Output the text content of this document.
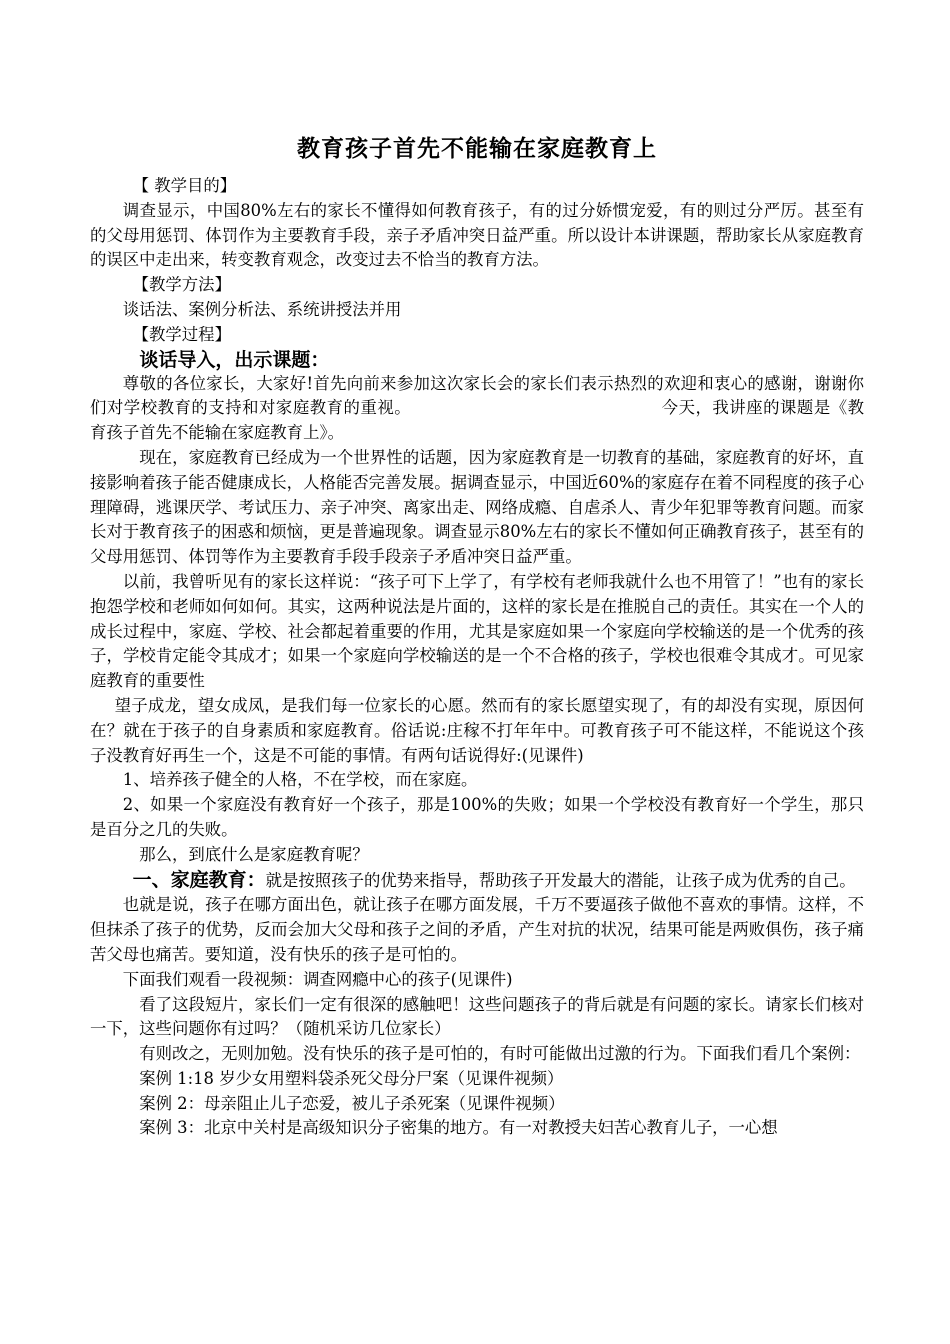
教育孩子首先不能输在家庭教育上

【 教学目的】

调查显示，中国80%左右的家长不懂得如何教育孩子，有的过分娇惯宠爱，有的则过分严厉。甚至有的父母用惩罚、体罚作为主要教育手段，亲子矛盾冲突日益严重。所以设计本讲课题，帮助家长从家庭教育的误区中走出来，转变教育观念，改变过去不恰当的教育方法。

【教学方法】

谈话法、案例分析法、系统讲授法并用

【教学过程】

谈话导入，出示课题：

尊敬的各位家长，大家好!首先向前来参加这次家长会的家长们表示热烈的欢迎和衷心的感谢，谢谢你们对学校教育的支持和对家庭教育的重视。	今天，我讲座的课题是《教育孩子首先不能输在家庭教育上》。

现在，家庭教育已经成为一个世界性的话题，因为家庭教育是一切教育的基础，家庭教育的好坏，直接影响着孩子能否健康成长，人格能否完善发展。据调查显示，中国近60%的家庭存在着不同程度的孩子心理障碍，逃课厌学、考试压力、亲子冲突、离家出走、网络成瘾、自虐杀人、青少年犯罪等教育问题。而家长对于教育孩子的困惑和烦恼，更是普遍现象。调查显示80%左右的家长不懂如何正确教育孩子，甚至有的父母用惩罚、体罚等作为主要教育手段手段亲子矛盾冲突日益严重。

以前，我曾听见有的家长这样说：“孩子可下上学了，有学校有老师我就什么也不用管了！”也有的家长抱怨学校和老师如何如何。其实，这两种说法是片面的，这样的家长是在推脱自己的责任。其实在一个人的成长过程中，家庭、学校、社会都起着重要的作用，尤其是家庭如果一个家庭向学校输送的是一个优秀的孩子，学校肯定能令其成才；如果一个家庭向学校输送的是一个不合格的孩子，学校也很难令其成才。可见家庭教育的重要性

望子成龙，望女成凤，是我们每一位家长的心愿。然而有的家长愿望实现了，有的却没有实现，原因何在？就在于孩子的自身素质和家庭教育。俗话说:庄稼不打年年中。可教育孩子可不能这样，不能说这个孩子没教育好再生一个，这是不可能的事情。有两句话说得好:(见课件)

1、培养孩子健全的人格，不在学校，而在家庭。

2、如果一个家庭没有教育好一个孩子，那是100%的失败；如果一个学校没有教育好一个学生，那只是百分之几的失败。

那么，到底什么是家庭教育呢？

一、家庭教育：就是按照孩子的优势来指导，帮助孩子开发最大的潜能，让孩子成为优秀的自己。

也就是说，孩子在哪方面出色，就让孩子在哪方面发展，千万不要逼孩子做他不喜欢的事情。这样，不但抹杀了孩子的优势，反而会加大父母和孩子之间的矛盾，产生对抗的状况，结果可能是两败俱伤，孩子痛苦父母也痛苦。要知道，没有快乐的孩子是可怕的。

下面我们观看一段视频：调查网瘾中心的孩子(见课件)

看了这段短片，家长们一定有很深的感触吧！这些问题孩子的背后就是有问题的家长。请家长们核对一下，这些问题你有过吗？（随机采访几位家长）

有则改之，无则加勉。没有快乐的孩子是可怕的，有时可能做出过激的行为。下面我们看几个案例：

案例 1:18 岁少女用塑料袋杀死父母分尸案（见课件视频）

案例 2：母亲阻止儿子恋爱，被儿子杀死案（见课件视频）

案例 3：北京中关村是高级知识分子密集的地方。有一对教授夫妇苦心教育儿子，一心想
